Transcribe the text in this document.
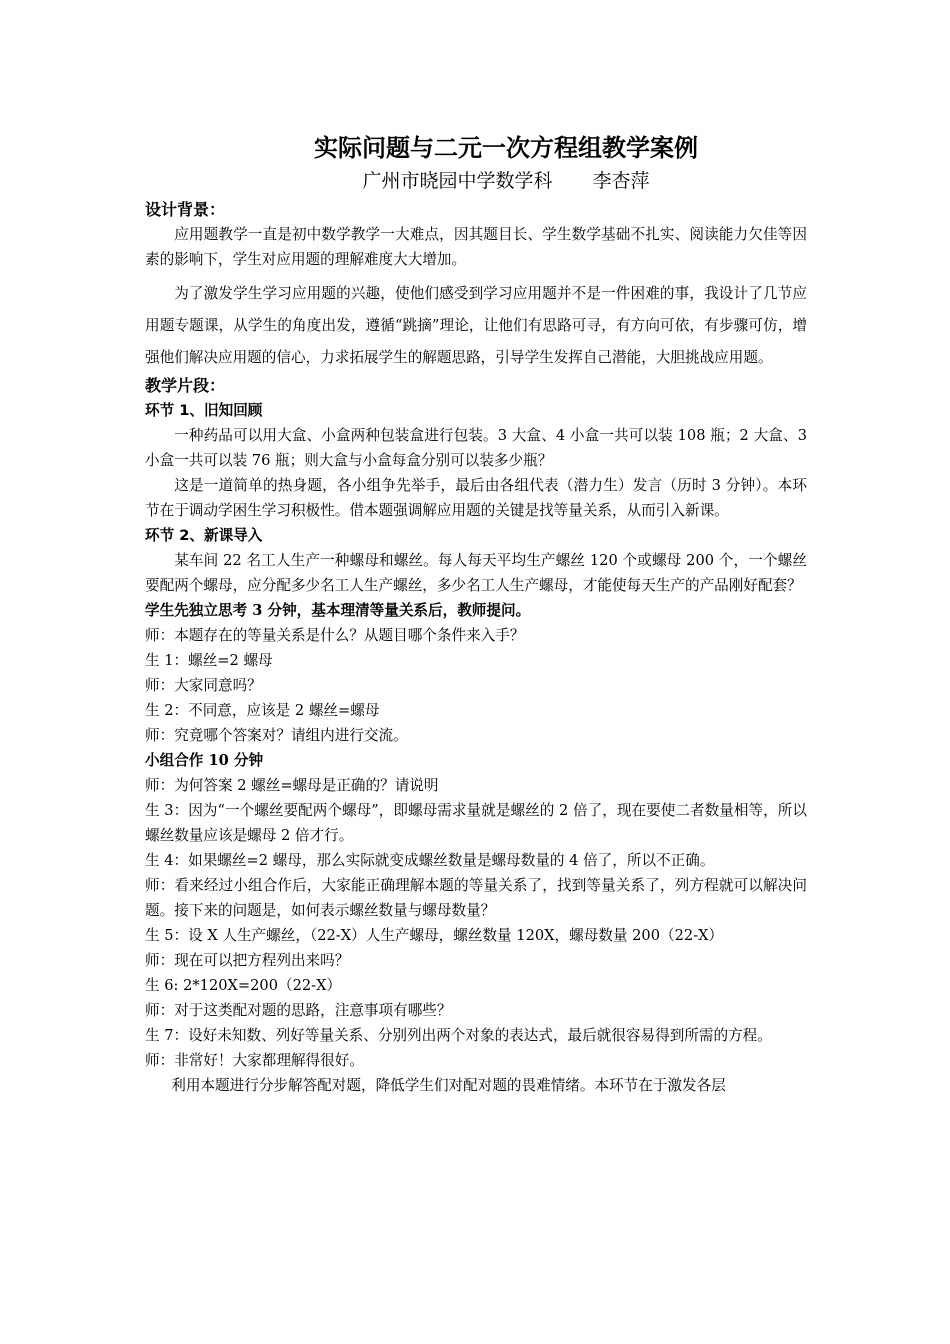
实际问题与二元一次方程组教学案例
广州市晓园中学数学科 李杏萍
设计背景：

应用题教学一直是初中数学教学一大难点，因其题目长、学生数学基础不扎实、阅读能力欠佳等因素的影响下，学生对应用题的理解难度大大增加。

为了激发学生学习应用题的兴趣，使他们感受到学习应用题并不是一件困难的事，我设计了几节应用题专题课，从学生的角度出发，遵循“跳摘”理论，让他们有思路可寻，有方向可依，有步骤可仿，增强他们解决应用题的信心，力求拓展学生的解题思路，引导学生发挥自己潜能，大胆挑战应用题。

教学片段：
环节 1、旧知回顾

一种药品可以用大盒、小盒两种包装盒进行包装。3 大盒、4 小盒一共可以装 108 瓶；2 大盒、3 小盒一共可以装 76 瓶；则大盒与小盒每盒分别可以装多少瓶？

这是一道简单的热身题，各小组争先举手，最后由各组代表（潜力生）发言（历时 3 分钟）。本环节在于调动学困生学习积极性。借本题强调解应用题的关键是找等量关系，从而引入新课。

环节 2、新课导入

某车间 22 名工人生产一种螺母和螺丝。每人每天平均生产螺丝 120 个或螺母 200 个，一个螺丝要配两个螺母，应分配多少名工人生产螺丝，多少名工人生产螺母，才能使每天生产的产品刚好配套？

学生先独立思考 3 分钟，基本理清等量关系后，教师提问。

师：本题存在的等量关系是什么？从题目哪个条件来入手？

生 1：螺丝=2 螺母

师：大家同意吗？

生 2：不同意，应该是 2 螺丝=螺母

师：究竟哪个答案对？请组内进行交流。

小组合作 10 分钟

师：为何答案 2 螺丝=螺母是正确的？请说明

生 3：因为“一个螺丝要配两个螺母”，即螺母需求量就是螺丝的 2 倍了，现在要使二者数量相等，所以螺丝数量应该是螺母 2 倍才行。

生 4：如果螺丝=2 螺母，那么实际就变成螺丝数量是螺母数量的 4 倍了，所以不正确。

师：看来经过小组合作后，大家能正确理解本题的等量关系了，找到等量关系了，列方程就可以解决问题。接下来的问题是，如何表示螺丝数量与螺母数量？

生 5：设 X 人生产螺丝，（22-X）人生产螺母，螺丝数量 120X，螺母数量 200（22-X）

师：现在可以把方程列出来吗？

生 6: 2*120X=200（22-X）

师：对于这类配对题的思路，注意事项有哪些？

生 7：设好未知数、列好等量关系、分别列出两个对象的表达式，最后就很容易得到所需的方程。

师：非常好！大家都理解得很好。

利用本题进行分步解答配对题，降低学生们对配对题的畏难情绪。本环节在于激发各层
